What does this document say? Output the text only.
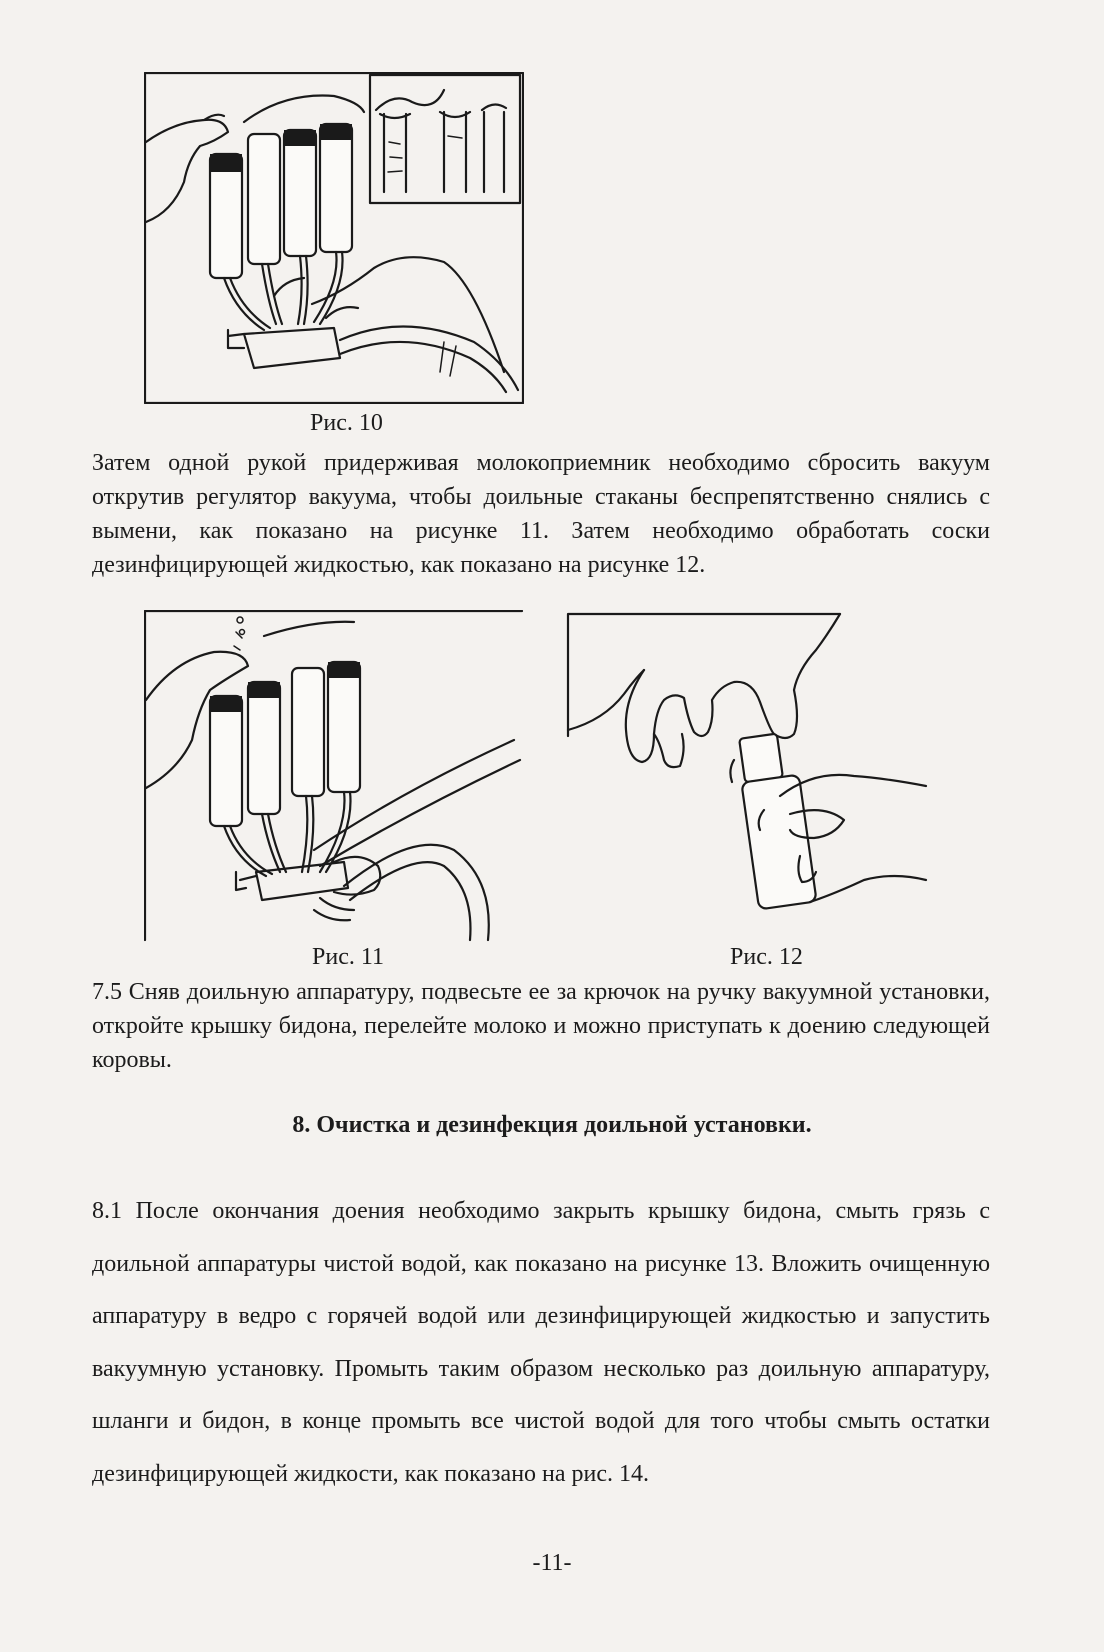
Рис. 10
Затем одной рукой придерживая молокоприемник необходимо сбросить вакуум открутив регулятор вакуума, чтобы доильные стаканы беспрепятственно снялись с вымени, как показано на рисунке 11. Затем необходимо обработать соски дезинфицирующей жидкостью, как показано на рисунке 12.
Рис. 11	Рис. 12
7.5 Сняв доильную аппаратуру, подвесьте ее за крючок на ручку вакуумной установки, откройте крышку бидона, перелейте молоко и можно приступать к доению следующей коровы.
8. Очистка и дезинфекция доильной установки.
8.1 После окончания доения необходимо закрыть крышку бидона, смыть грязь с доильной аппаратуры чистой водой, как показано на рисунке 13. Вложить очищенную аппаратуру в ведро с горячей водой или дезинфицирующей жидкостью и запустить вакуумную установку. Промыть таким образом несколько раз доильную аппаратуру, шланги и бидон, в конце промыть все чистой водой для того чтобы смыть остатки дезинфицирующей жидкости, как показано на рис. 14.
-11-
